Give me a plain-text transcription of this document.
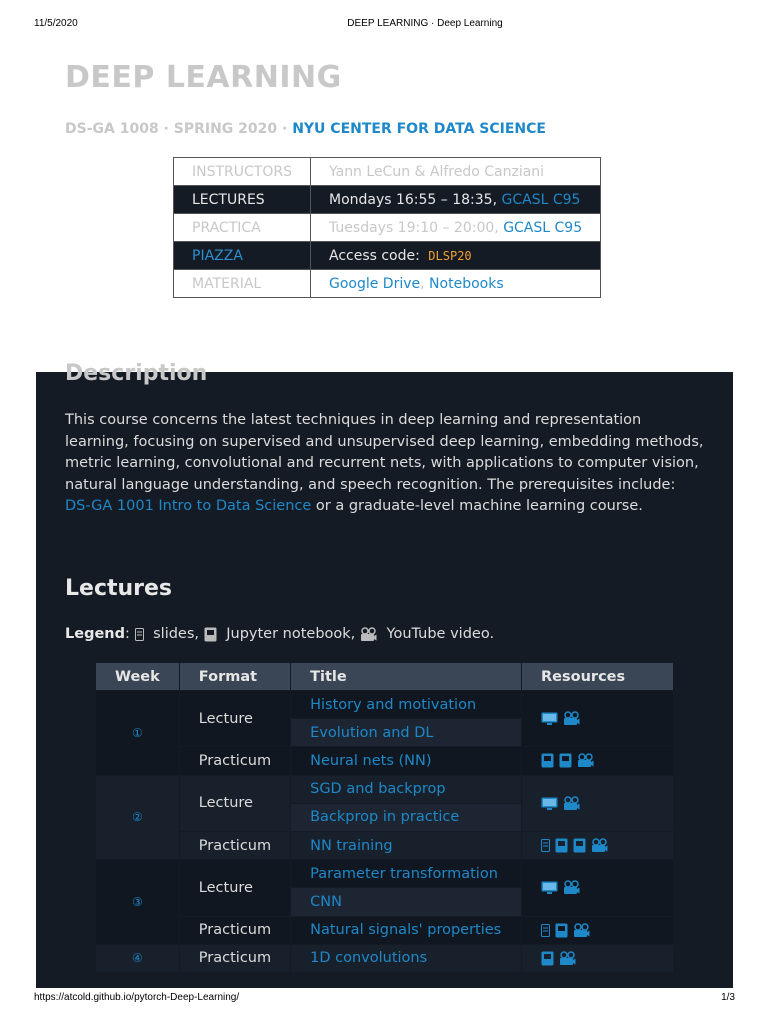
11/5/2020	DEEP LEARNING · Deep Learning
DEEP LEARNING
DS-GA 1008 · SPRING 2020 · NYU CENTER FOR DATA SCIENCE
INSTRUCTORS	Yann LeCun & Alfredo Canziani
LECTURES	Mondays 16:55 – 18:35, GCASL C95
PRACTICA	Tuesdays 19:10 – 20:00, GCASL C95
PIAZZA	Access code: DLSP20
MATERIAL	Google Drive, Notebooks
Description
This course concerns the latest techniques in deep learning and representation learning, focusing on supervised and unsupervised deep learning, embedding methods, metric learning, convolutional and recurrent nets, with applications to computer vision, natural language understanding, and speech recognition. The prerequisites include: DS-GA 1001 Intro to Data Science or a graduate-level machine learning course.
Lectures
Legend:
slides,
Jupyter notebook,
YouTube video.
Week	Format	Title	Resources
①	Lecture	History and motivation	

		Evolution and DL	
	Practicum	Neural nets (NN)	

②	Lecture	SGD and backprop	

		Backprop in practice	
	Practicum	NN training	

③	Lecture	Parameter transformation	

		CNN	
	Practicum	Natural signals' properties	

④	Practicum	1D convolutions	
https://atcold.github.io/pytorch-Deep-Learning/	1/3
